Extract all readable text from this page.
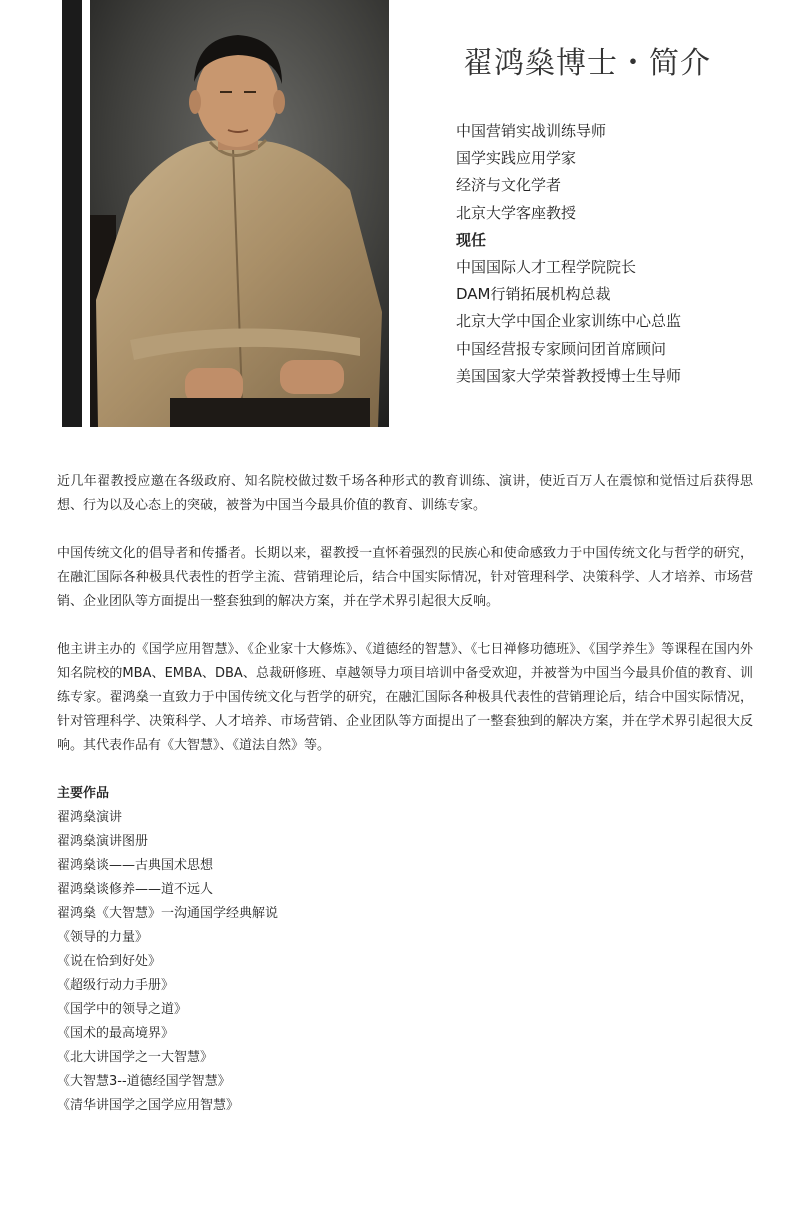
翟鸿燊博士・简介
中国营销实战训练导师
国学实践应用学家
经济与文化学者
北京大学客座教授
现任
中国国际人才工程学院院长
DAM行销拓展机构总裁
北京大学中国企业家训练中心总监
中国经营报专家顾问团首席顾问
美国国家大学荣誉教授博士生导师

近几年翟教授应邀在各级政府、知名院校做过数千场各种形式的教育训练、演讲，使近百万人在震惊和觉悟过后获得思想、行为以及心态上的突破，被誉为中国当今最具价值的教育、训练专家。

中国传统文化的倡导者和传播者。长期以来，翟教授一直怀着强烈的民族心和使命感致力于中国传统文化与哲学的研究，在融汇国际各种极具代表性的哲学主流、营销理论后，结合中国实际情况，针对管理科学、决策科学、人才培养、市场营销、企业团队等方面提出一整套独到的解决方案，并在学术界引起很大反响。

他主讲主办的《国学应用智慧》、《企业家十大修炼》、《道德经的智慧》、《七日禅修功德班》、《国学养生》等课程在国内外知名院校的MBA、EMBA、DBA、总裁研修班、卓越领导力项目培训中备受欢迎，并被誉为中国当今最具价值的教育、训练专家。翟鸿燊一直致力于中国传统文化与哲学的研究，在融汇国际各种极具代表性的营销理论后，结合中国实际情况，针对管理科学、决策科学、人才培养、市场营销、企业团队等方面提出了一整套独到的解决方案，并在学术界引起很大反响。其代表作品有《大智慧》、《道法自然》等。

主要作品
翟鸿燊演讲
翟鸿燊演讲图册
翟鸿燊谈——古典国术思想
翟鸿燊谈修养——道不远人
翟鸿燊《大智慧》一沟通国学经典解说
《领导的力量》
《说在恰到好处》
《超级行动力手册》
《国学中的领导之道》
《国术的最高境界》
《北大讲国学之一大智慧》
《大智慧3--道德经国学智慧》
《清华讲国学之国学应用智慧》
